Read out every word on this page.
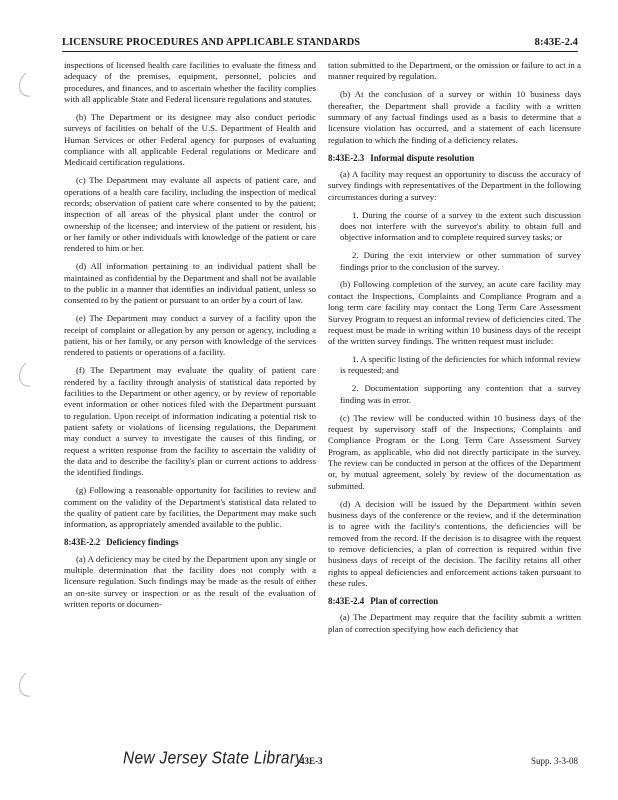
LICENSURE PROCEDURES AND APPLICABLE STANDARDS	8:43E-2.4

inspections of licensed health care facilities to evaluate the fitness and adequacy of the premises, equipment, personnel, policies and procedures, and finances, and to ascertain whether the facility complies with all applicable State and Federal licensure regulations and statutes.

(b) The Department or its designee may also conduct periodic surveys of facilities on behalf of the U.S. Department of Health and Human Services or other Federal agency for purposes of evaluating compliance with all applicable Federal regulations or Medicare and Medicaid certification regulations.

(c) The Department may evaluate all aspects of patient care, and operations of a health care facility, including the inspection of medical records; observation of patient care where consented to by the patient; inspection of all areas of the physical plant under the control or ownership of the licensee; and interview of the patient or resident, his or her family or other individuals with knowledge of the patient or care rendered to him or her.

(d) All information pertaining to an individual patient shall be maintained as confidential by the Department and shall not be available to the public in a manner that identifies an individual patient, unless so consented to by the patient or pursuant to an order by a court of law.

(e) The Department may conduct a survey of a facility upon the receipt of complaint or allegation by any person or agency, including a patient, his or her family, or any person with knowledge of the services rendered to patients or operations of a facility.

(f) The Department may evaluate the quality of patient care rendered by a facility through analysis of statistical data reported by facilities to the Department or other agency, or by review of reportable event information or other notices filed with the Department pursuant to regulation. Upon receipt of information indicating a potential risk to patient safety or violations of licensing regulations, the Department may conduct a survey to investigate the causes of this finding, or request a written response from the facility to ascertain the validity of the data and to describe the facility's plan or current actions to address the identified findings.

(g) Following a reasonable opportunity for facilities to review and comment on the validity of the Department's statistical data related to the quality of patient care by facilities, the Department may make such information, as appropriately amended available to the public.

8:43E-2.2 Deficiency findings

(a) A deficiency may be cited by the Department upon any single or multiple determination that the facility does not comply with a licensure regulation. Such findings may be made as the result of either an on-site survey or inspection or as the result of the evaluation of written reports or documen-

tation submitted to the Department, or the omission or failure to act in a manner required by regulation.

(b) At the conclusion of a survey or within 10 business days thereafter, the Department shall provide a facility with a written summary of any factual findings used as a basis to determine that a licensure violation has occurred, and a statement of each licensure regulation to which the finding of a deficiency relates.

8:43E-2.3 Informal dispute resolution

(a) A facility may request an opportunity to discuss the accuracy of survey findings with representatives of the Department in the following circumstances during a survey:

1. During the course of a survey to the extent such discussion does not interfere with the surveyor's ability to obtain full and objective information and to complete required survey tasks; or

2. During the exit interview or other summation of survey findings prior to the conclusion of the survey.

(b) Following completion of the survey, an acute care facility may contact the Inspections, Complaints and Compliance Program and a long term care facility may contact the Long Term Care Assessment Survey Program to request an informal review of deficiencies cited. The request must be made in writing within 10 business days of the receipt of the written survey findings. The written request must include:

1. A specific listing of the deficiencies for which informal review is requested; and

2. Documentation supporting any contention that a survey finding was in error.

(c) The review will be conducted within 10 business days of the request by supervisory staff of the Inspections, Complaints and Compliance Program or the Long Term Care Assessment Survey Program, as applicable, who did not directly participate in the survey. The review can be conducted in person at the offices of the Department or, by mutual agreement, solely by review of the documentation as submitted.

(d) A decision will be issued by the Department within seven business days of the conference or the review, and if the determination is to agree with the facility's contentions, the deficiencies will be removed from the record. If the decision is to disagree with the request to remove deficiencies, a plan of correction is required within five business days of receipt of the decision. The facility retains all other rights to appeal deficiencies and enforcement actions taken pursuant to these rules.

8:43E-2.4 Plan of correction

(a) The Department may require that the facility submit a written plan of correction specifying how each deficiency that

New Jersey State Library
43E-3	Supp. 3-3-08
